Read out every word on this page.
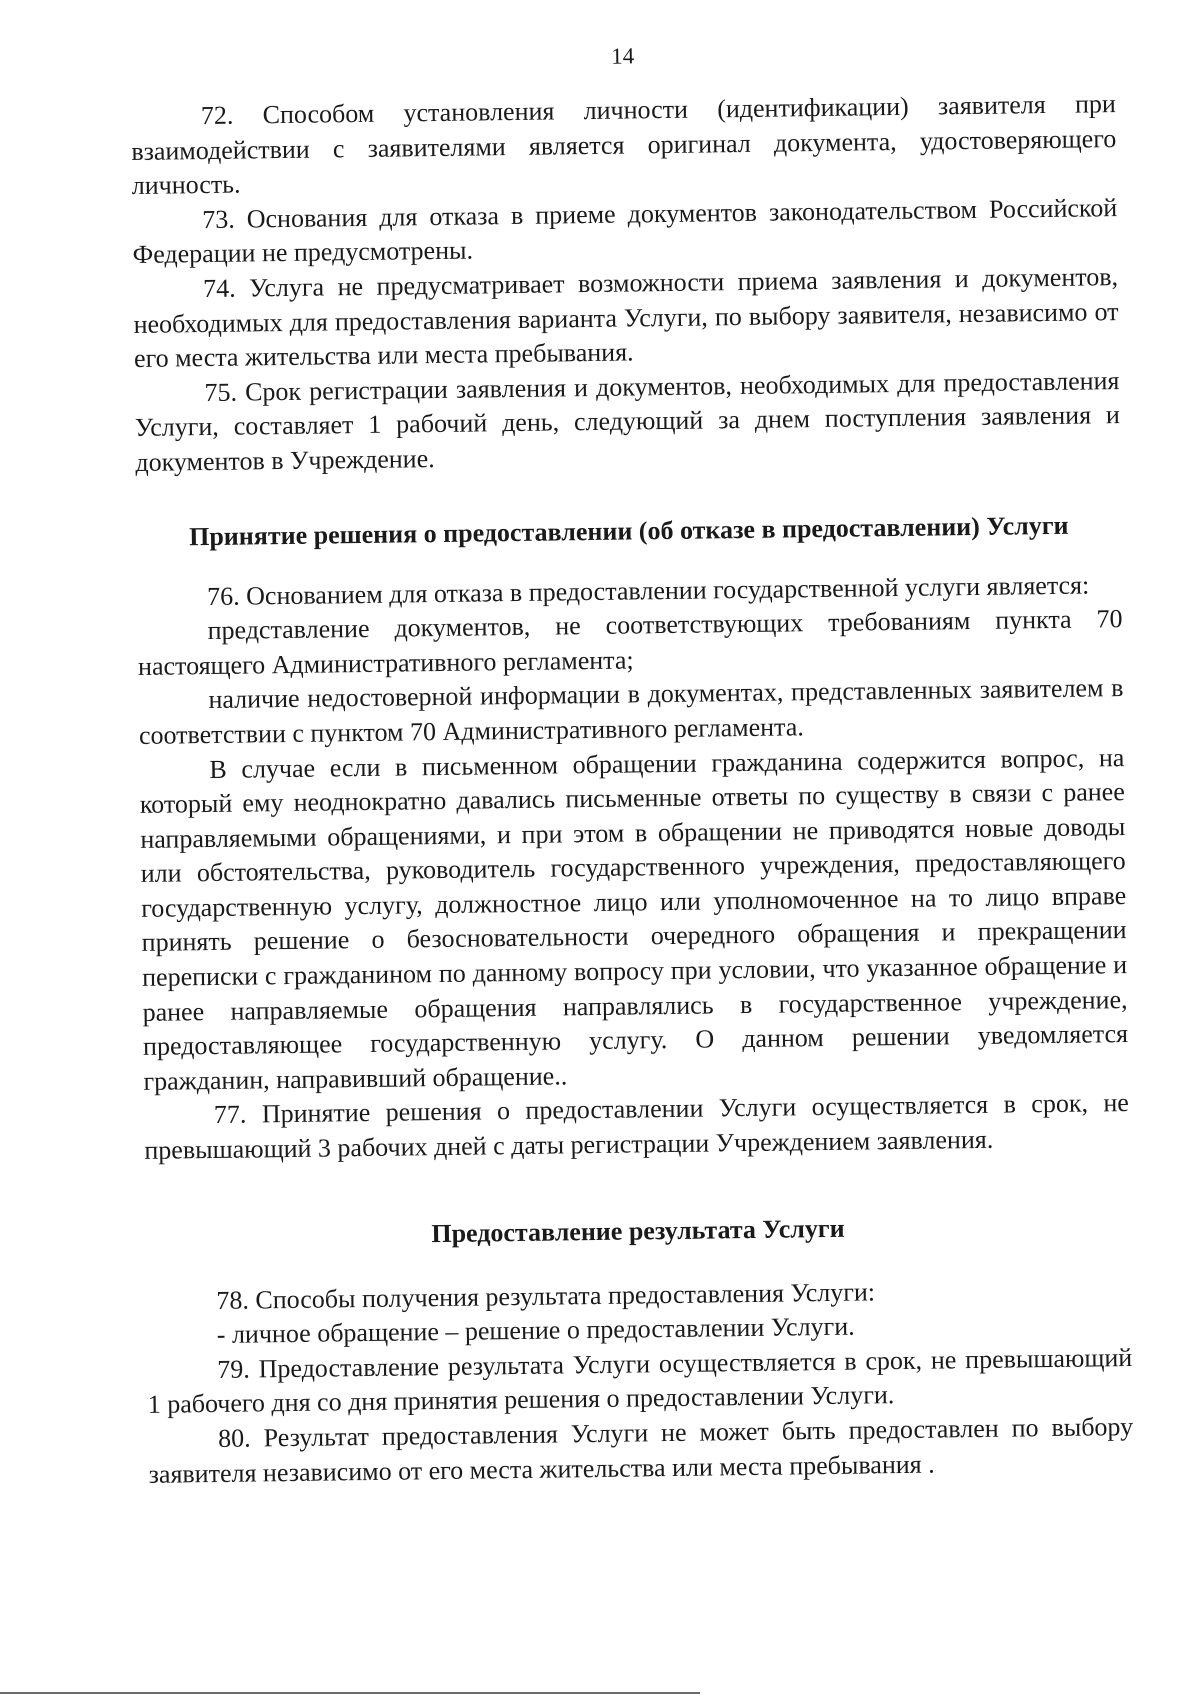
14

72. Способом установления личности (идентификации) заявителя при взаимодействии с заявителями является оригинал документа, удостоверяющего личность.

73. Основания для отказа в приеме документов законодательством Российской Федерации не предусмотрены.

74. Услуга не предусматривает возможности приема заявления и документов, необходимых для предоставления варианта Услуги, по выбору заявителя, независимо от его места жительства или места пребывания.

75. Срок регистрации заявления и документов, необходимых для предоставления Услуги, составляет 1 рабочий день, следующий за днем поступления заявления и документов в Учреждение.

Принятие решения о предоставлении (об отказе в предоставлении) Услуги

76. Основанием для отказа в предоставлении государственной услуги является:

представление документов, не соответствующих требованиям пункта 70 настоящего Административного регламента;

наличие недостоверной информации в документах, представленных заявителем в соответствии с пунктом 70 Административного регламента.

В случае если в письменном обращении гражданина содержится вопрос, на который ему неоднократно давались письменные ответы по существу в связи с ранее направляемыми обращениями, и при этом в обращении не приводятся новые доводы или обстоятельства, руководитель государственного учреждения, предоставляющего государственную услугу, должностное лицо или уполномоченное на то лицо вправе принять решение о безосновательности очередного обращения и прекращении переписки с гражданином по данному вопросу при условии, что указанное обращение и ранее направляемые обращения направлялись в государственное учреждение, предоставляющее государственную услугу. О данном решении уведомляется гражданин, направивший обращение..

77. Принятие решения о предоставлении Услуги осуществляется в срок, не превышающий 3 рабочих дней с даты регистрации Учреждением заявления.

Предоставление результата Услуги

78. Способы получения результата предоставления Услуги:

- личное обращение – решение о предоставлении Услуги.

79. Предоставление результата Услуги осуществляется в срок, не превышающий 1 рабочего дня со дня принятия решения о предоставлении Услуги.

80. Результат предоставления Услуги не может быть предоставлен по выбору заявителя независимо от его места жительства или места пребывания .
